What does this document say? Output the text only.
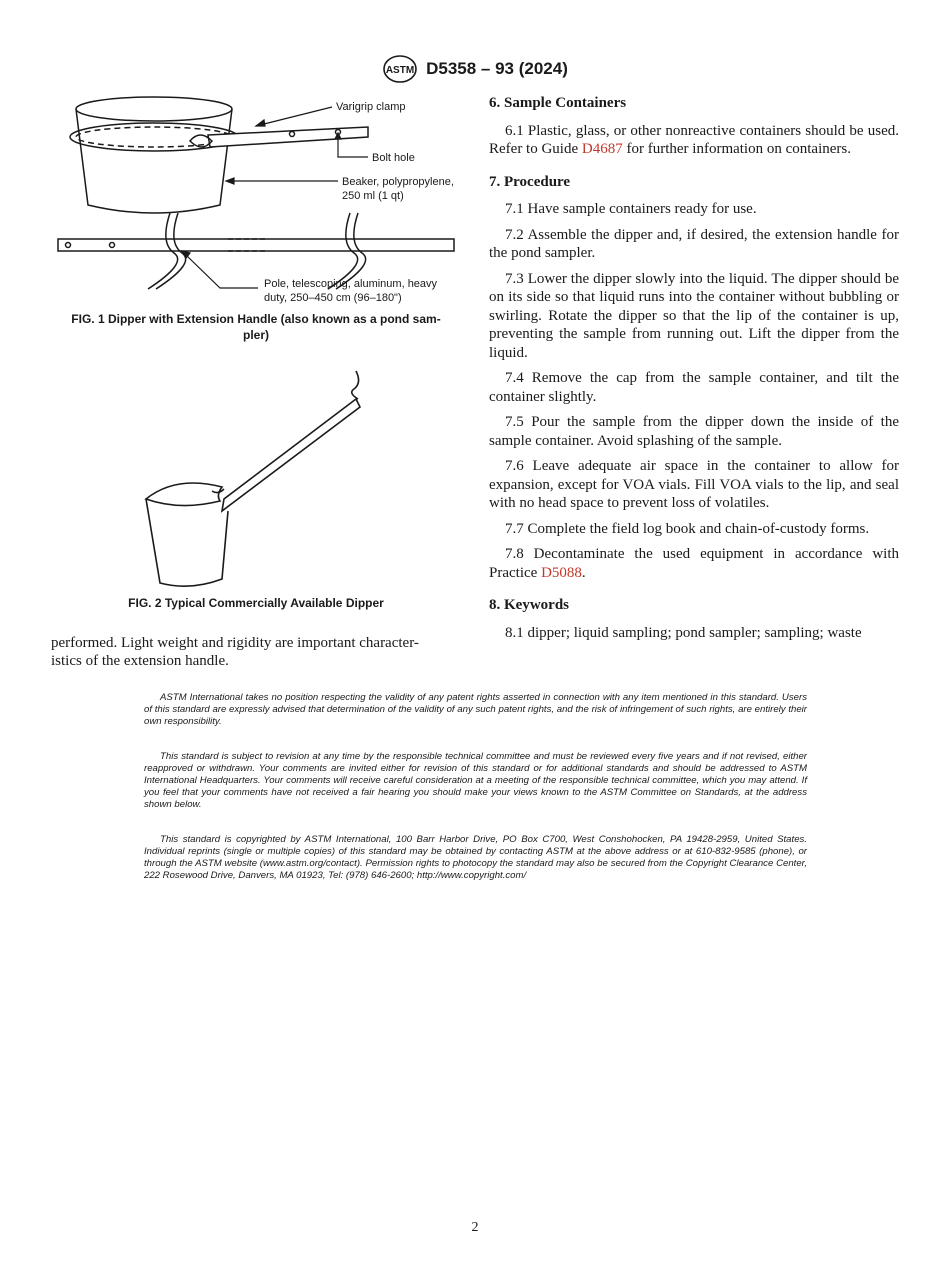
ASTM D5358 – 93 (2024)
Varigrip clamp
Bolt hole
Beaker, polypropylene,
250 ml (1 qt)
Pole, telescoping, aluminum, heavy
duty, 250–450 cm (96–180")
FIG. 1 Dipper with Extension Handle (also known as a pond sam-
pler)
FIG. 2 Typical Commercially Available Dipper
performed. Light weight and rigidity are important character-
istics of the extension handle.
6. Sample Containers

6.1 Plastic, glass, or other nonreactive containers should be used. Refer to Guide D4687 for further information on containers.

7. Procedure

7.1 Have sample containers ready for use.

7.2 Assemble the dipper and, if desired, the extension handle for the pond sampler.

7.3 Lower the dipper slowly into the liquid. The dipper should be on its side so that liquid runs into the container without bubbling or swirling. Rotate the dipper so that the lip of the container is up, preventing the sample from running out. Lift the dipper from the liquid.

7.4 Remove the cap from the sample container, and tilt the container slightly.

7.5 Pour the sample from the dipper down the inside of the sample container. Avoid splashing of the sample.

7.6 Leave adequate air space in the container to allow for expansion, except for VOA vials. Fill VOA vials to the lip, and seal with no head space to prevent loss of volatiles.

7.7 Complete the field log book and chain-of-custody forms.

7.8 Decontaminate the used equipment in accordance with Practice D5088.

8. Keywords

8.1 dipper; liquid sampling; pond sampler; sampling; waste

ASTM International takes no position respecting the validity of any patent rights asserted in connection with any item mentioned in this standard. Users of this standard are expressly advised that determination of the validity of any such patent rights, and the risk of infringement of such rights, are entirely their own responsibility.

This standard is subject to revision at any time by the responsible technical committee and must be reviewed every five years and if not revised, either reapproved or withdrawn. Your comments are invited either for revision of this standard or for additional standards and should be addressed to ASTM International Headquarters. Your comments will receive careful consideration at a meeting of the responsible technical committee, which you may attend. If you feel that your comments have not received a fair hearing you should make your views known to the ASTM Committee on Standards, at the address shown below.

This standard is copyrighted by ASTM International, 100 Barr Harbor Drive, PO Box C700, West Conshohocken, PA 19428-2959, United States. Individual reprints (single or multiple copies) of this standard may be obtained by contacting ASTM at the above address or at 610-832-9585 (phone), or through the ASTM website (www.astm.org/contact). Permission rights to photocopy the standard may also be secured from the Copyright Clearance Center, 222 Rosewood Drive, Danvers, MA 01923, Tel: (978) 646-2600; http://www.copyright.com/

2
